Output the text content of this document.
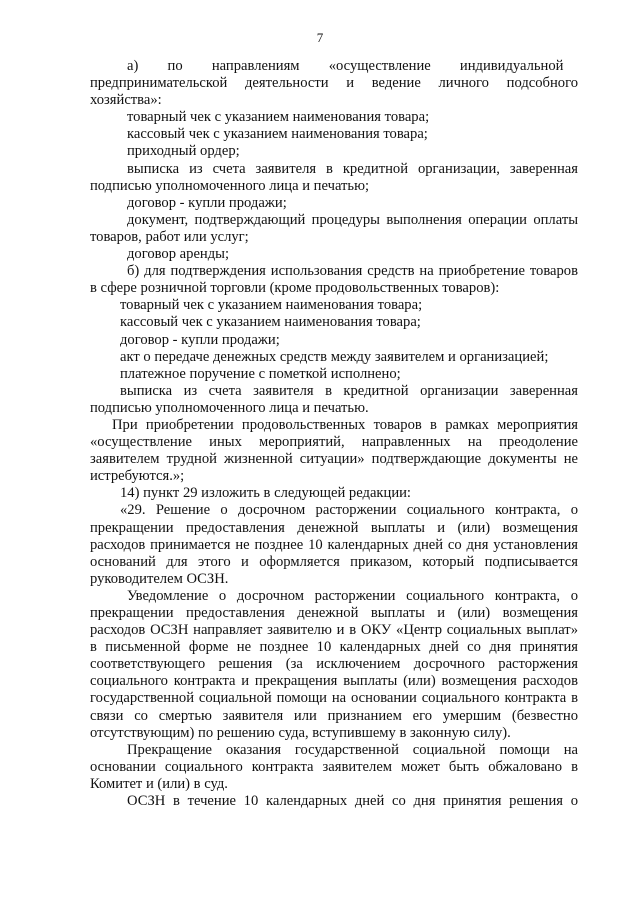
7

а)  по  направлениям  «осуществление  индивидуальной предпринимательской деятельности и ведение личного подсобного хозяйства»:

товарный чек с указанием наименования товара;

кассовый чек с указанием наименования товара;

приходный ордер;

выписка из счета заявителя в кредитной организации, заверенная подписью уполномоченного лица и печатью;

договор - купли продажи;

документ, подтверждающий процедуры выполнения операции оплаты товаров, работ или услуг;

договор аренды;

б) для подтверждения использования средств на приобретение товаров в сфере розничной торговли (кроме продовольственных товаров):

товарный чек с указанием наименования товара;

кассовый чек с указанием наименования товара;

договор - купли продажи;

акт о передаче денежных средств между заявителем и организацией;

платежное поручение с пометкой исполнено;

выписка из счета заявителя в кредитной организации заверенная подписью уполномоченного лица и печатью.

При приобретении продовольственных товаров в рамках мероприятия «осуществление иных мероприятий, направленных на преодоление заявителем трудной жизненной ситуации» подтверждающие документы не истребуются.»;

14) пункт 29 изложить в следующей редакции:

«29. Решение о досрочном расторжении социального контракта, о прекращении предоставления денежной выплаты и (или) возмещения расходов принимается не позднее 10 календарных дней со дня установления оснований для этого и оформляется приказом, который подписывается руководителем ОСЗН.

Уведомление о досрочном расторжении социального контракта, о прекращении предоставления денежной выплаты и (или) возмещения расходов ОСЗН направляет заявителю и в ОКУ «Центр социальных выплат» в письменной форме не позднее 10 календарных дней со дня принятия соответствующего решения (за исключением досрочного расторжения социального контракта и прекращения выплаты (или) возмещения расходов государственной социальной помощи на основании социального контракта в связи со смертью заявителя или признанием его умершим (безвестно отсутствующим) по решению суда, вступившему в законную силу).

Прекращение оказания государственной социальной помощи на основании социального контракта заявителем может быть обжаловано в Комитет и (или) в суд.

ОСЗН в течение 10 календарных дней со дня принятия решения о
